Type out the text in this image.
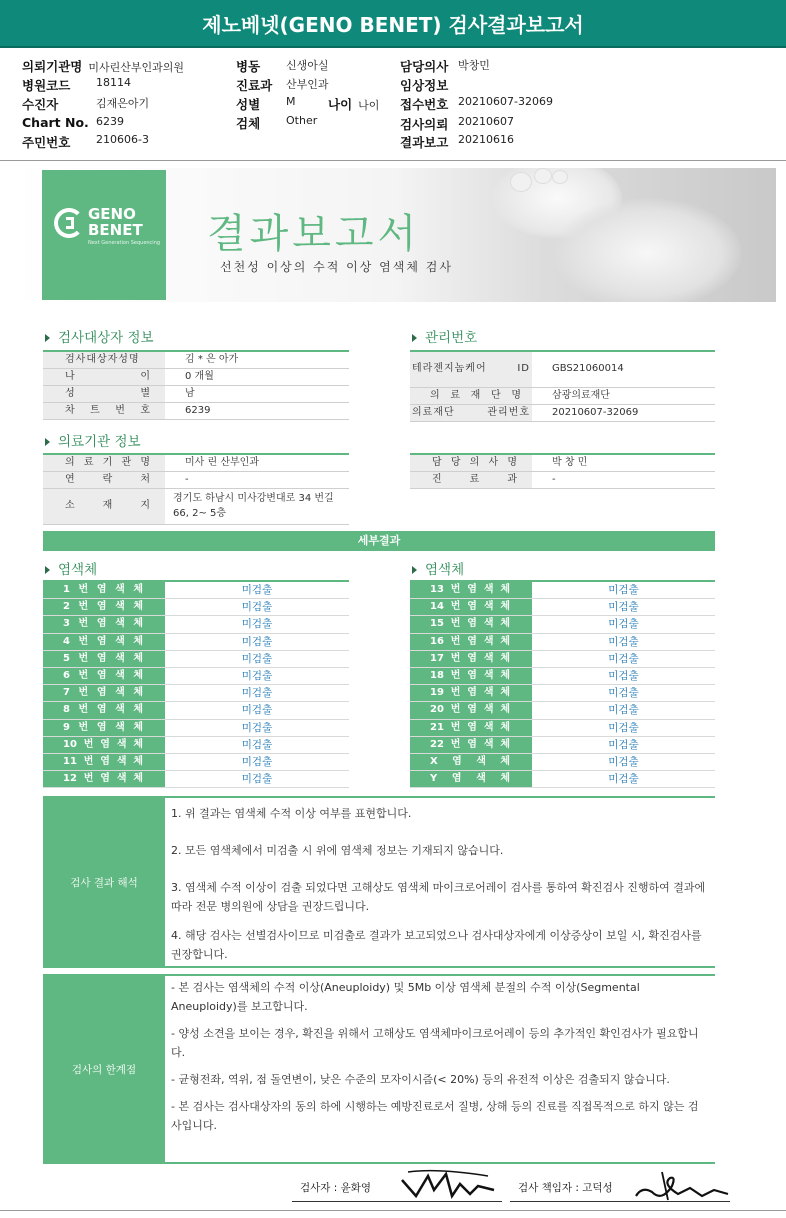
제노베넷(GENO BENET) 검사결과보고서
의뢰기관명 미사린산부인과의원
병원코드 18114
수진자	김재은아기
Chart No. 6239
주민번호 210606-3
병동 신생아실
진료과 산부인과
성별 M	나이 나이
검체 Other
담당의사 박창민
임상정보
접수번호 20210607-32069
검사의뢰 20210607
결과보고 20210616
GENO
BENET
Next Generation Sequencing 결과보고서
선천성 이상의 수적 이상 염색체 검사
검사대상자 정보
검사대상자성명	김 * 은 아가
나 이	0 개월
성 별	남
차 트 번 호	6239
관리번호
테라젠지놈케어 ID	GBS21060014
의 료 재 단 명	삼광의료재단
의료재단 관리번호	20210607-32069
의료기관 정보
의 료 기 관 명	미사 린 산부인과
연 락 처	-
소 재 지
경기도 하남시 미사강변대로 34 번길 66, 2~ 5층
담 당 의 사 명	박 창 민
진 료 과	-
세부결과
염색체	염색체
1 번 염 색 체	미검출
2 번 염 색 체	미검출
3 번 염 색 체	미검출
4 번 염 색 체	미검출
5 번 염 색 체	미검출
6 번 염 색 체	미검출
7 번 염 색 체	미검출
8 번 염 색 체	미검출
9 번 염 색 체	미검출
10 번 염 색 체	미검출
11 번 염 색 체	미검출
12 번 염 색 체	미검출
13 번 염 색 체	미검출
14 번 염 색 체	미검출
15 번 염 색 체	미검출
16 번 염 색 체	미검출
17 번 염 색 체	미검출
18 번 염 색 체	미검출
19 번 염 색 체	미검출
20 번 염 색 체	미검출
21 번 염 색 체	미검출
22 번 염 색 체	미검출
X 염 색 체	미검출
Y 염 색 체	미검출
검사 결과 해석
1. 위 결과는 염색체 수적 이상 여부를 표현합니다.
2. 모든 염색체에서 미검출 시 위에 염색체 정보는 기재되지 않습니다.
3. 염색체 수적 이상이 검출 되었다면 고해상도 염색체 마이크로어레이 검사를 통하여 확진검사 진행하여 결과에 따라 전문 병의원에 상담을 권장드립니다.
4. 해당 검사는 선별검사이므로 미검출로 결과가 보고되었으나 검사대상자에게 이상증상이 보일 시, 확진검사를 권장합니다.
검사의 한계점
- 본 검사는 염색체의 수적 이상(Aneuploidy) 및 5Mb 이상 염색체 분절의 수적 이상(Segmental Aneuploidy)를 보고합니다.
- 양성 소견을 보이는 경우, 확진을 위해서 고해상도 염색체마이크로어레이 등의 추가적인 확인검사가 필요합니다.
- 균형전좌, 역위, 점 돌연변이, 낮은 수준의 모자이시즘(< 20%) 등의 유전적 이상은 검출되지 않습니다.
- 본 검사는 검사대상자의 동의 하에 시행하는 예방진료로서 질병, 상해 등의 진료를 직접목적으로 하지 않는 검사입니다.
검사자 : 윤화영	검사 책임자 : 고덕성
